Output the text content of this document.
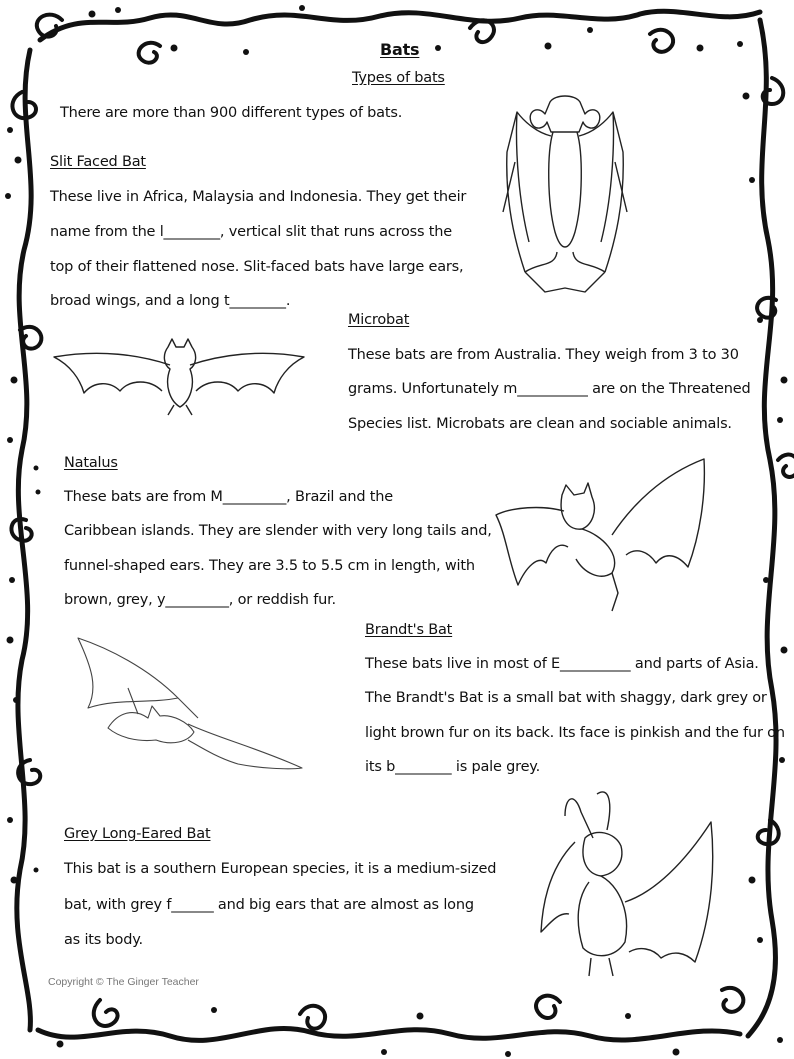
Bats
Types of bats
There are more than 900 different types of bats.
Slit Faced Bat
These live in Africa, Malaysia and Indonesia. They get their
name from the l________, vertical slit that runs across the
top of their flattened nose. Slit-faced bats have large ears,
broad wings, and a long t________.
Microbat
These bats are from Australia. They weigh from 3 to 30
grams. Unfortunately m__________ are on the Threatened
Species list. Microbats are clean and sociable animals.
Natalus
These bats are from M_________, Brazil and the
Caribbean islands. They are slender with very long tails and,
funnel-shaped ears. They are 3.5 to 5.5 cm in length, with
brown, grey, y_________, or reddish fur.
Brandt's Bat
These bats live in most of E__________ and parts of Asia.
The Brandt's Bat is a small bat with shaggy, dark grey or
light brown fur on its back. Its face is pinkish and the fur on
its b________ is pale grey.
Grey Long-Eared Bat
This bat is a southern European species, it is a medium-sized
bat, with grey f______ and big ears that are almost as long
as its body.
Copyright © The Ginger Teacher
